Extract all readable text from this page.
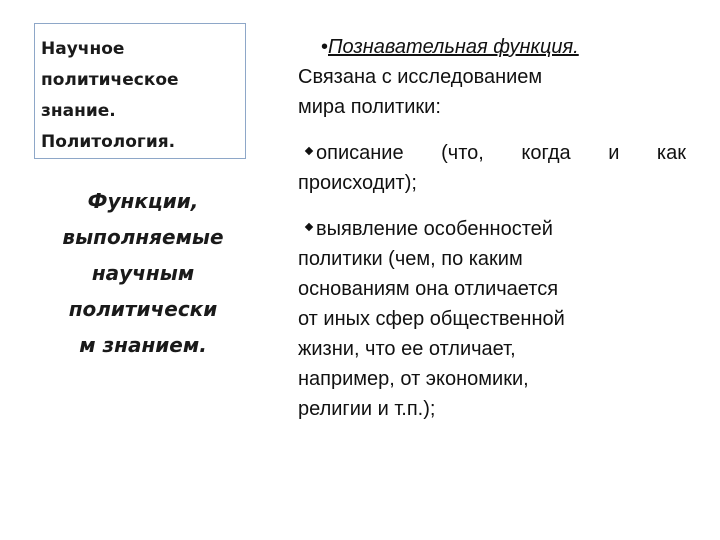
Научное
политическое
знание.
Политология.
Функции,
выполняемые
научным
политически
м знанием.
•Познавательная функция.
Связана с исследованием
мира политики:
описание (что, когда и как
происходит);
выявление особенностей
политики (чем, по каким
основаниям она отличается
от иных сфер общественной
жизни, что ее отличает,
например, от экономики,
религии и т.п.);
